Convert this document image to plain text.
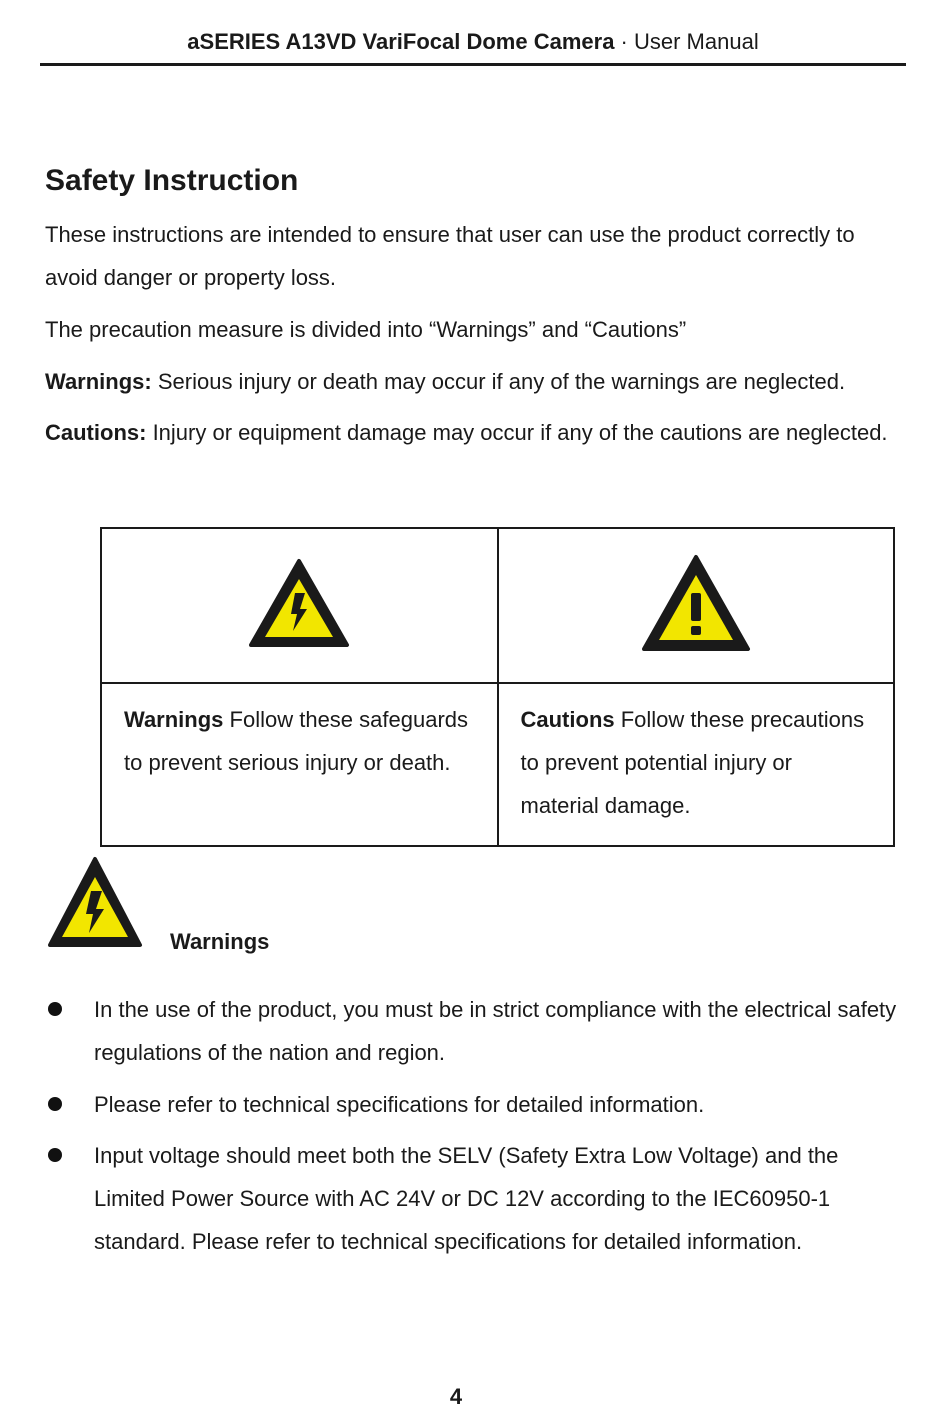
aSERIES A13VD VariFocal Dome Camera · User Manual
Safety Instruction

These instructions are intended to ensure that user can use the product correctly to avoid danger or property loss.

The precaution measure is divided into “Warnings” and “Cautions”

Warnings: Serious injury or death may occur if any of the warnings are neglected.

Cautions: Injury or equipment damage may occur if any of the cautions are neglected.

Warnings Follow these safeguards to prevent serious injury or death.	Cautions Follow these precautions to prevent potential injury or material damage.
Warnings
In the use of the product, you must be in strict compliance with the electrical safety regulations of the nation and region.
Please refer to technical specifications for detailed information.
Input voltage should meet both the SELV (Safety Extra Low Voltage) and the Limited Power Source with AC 24V or DC 12V according to the IEC60950-1 standard. Please refer to technical specifications for detailed information.
4
